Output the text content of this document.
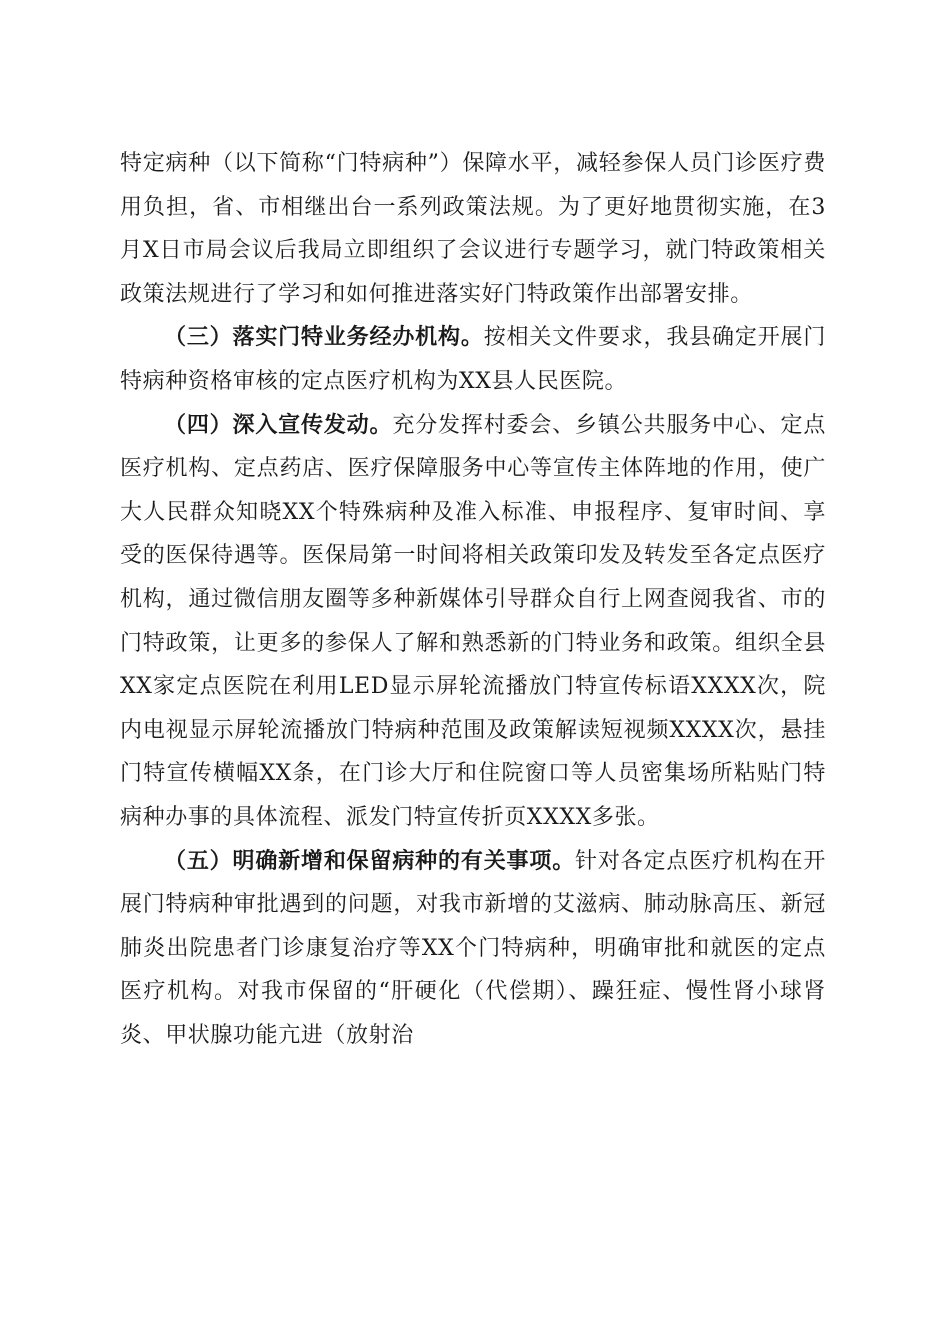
特定病种（以下简称“门特病种”）保障水平，减轻参保人员门诊医疗费用负担，省、市相继出台一系列政策法规。为了更好地贯彻实施，在3月X日市局会议后我局立即组织了会议进行专题学习，就门特政策相关政策法规进行了学习和如何推进落实好门特政策作出部署安排。

（三）落实门特业务经办机构。按相关文件要求，我县确定开展门特病种资格审核的定点医疗机构为XX县人民医院。

（四）深入宣传发动。充分发挥村委会、乡镇公共服务中心、定点医疗机构、定点药店、医疗保障服务中心等宣传主体阵地的作用，使广大人民群众知晓XX个特殊病种及准入标准、申报程序、复审时间、享受的医保待遇等。医保局第一时间将相关政策印发及转发至各定点医疗机构，通过微信朋友圈等多种新媒体引导群众自行上网查阅我省、市的门特政策，让更多的参保人了解和熟悉新的门特业务和政策。组织全县XX家定点医院在利用LED显示屏轮流播放门特宣传标语XXXX次，院内电视显示屏轮流播放门特病种范围及政策解读短视频XXXX次，悬挂门特宣传横幅XX条，在门诊大厅和住院窗口等人员密集场所粘贴门特病种办事的具体流程、派发门特宣传折页XXXX多张。

（五）明确新增和保留病种的有关事项。针对各定点医疗机构在开展门特病种审批遇到的问题，对我市新增的艾滋病、肺动脉高压、新冠肺炎出院患者门诊康复治疗等XX个门特病种，明确审批和就医的定点医疗机构。对我市保留的“肝硬化（代偿期）、躁狂症、慢性肾小球肾炎、甲状腺功能亢进（放射治
